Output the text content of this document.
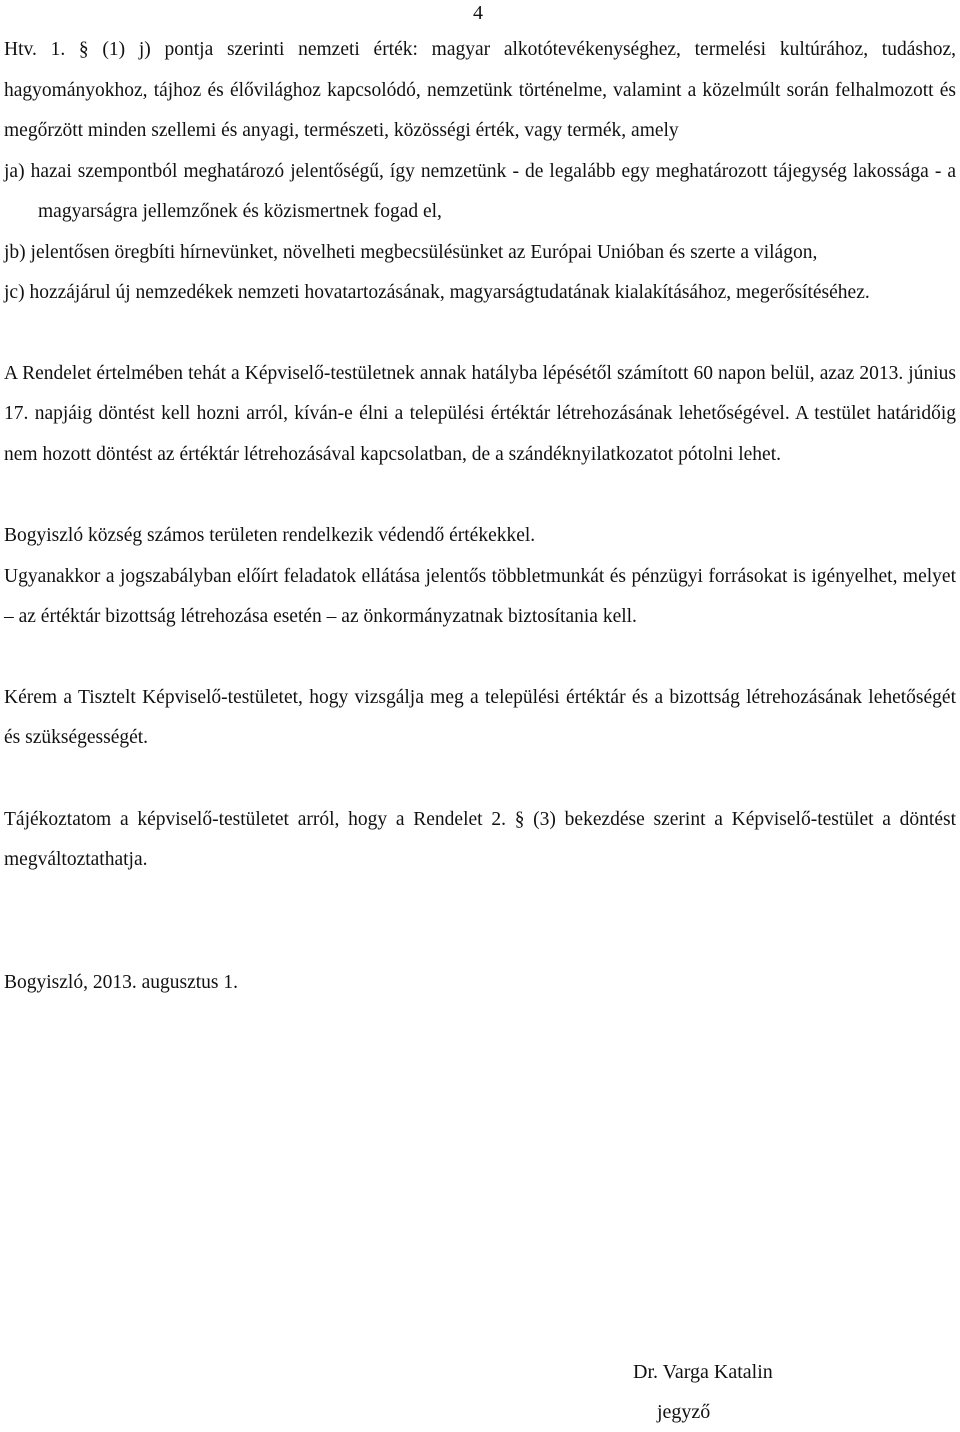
4

Htv. 1. § (1) j) pontja szerinti nemzeti érték: magyar alkotótevékenységhez, termelési kultúrához, tudáshoz, hagyományokhoz, tájhoz és élővilághoz kapcsolódó, nemzetünk történelme, valamint a közelmúlt során felhalmozott és megőrzött minden szellemi és anyagi, természeti, közösségi érték, vagy termék, amely

ja) hazai szempontból meghatározó jelentőségű, így nemzetünk - de legalább egy meghatározott tájegység lakossága - a magyarságra jellemzőnek és közismertnek fogad el,

jb) jelentősen öregbíti hírnevünket, növelheti megbecsülésünket az Európai Unióban és szerte a világon,

jc) hozzájárul új nemzedékek nemzeti hovatartozásának, magyarságtudatának kialakításához, megerősítéséhez.

A Rendelet értelmében tehát a Képviselő-testületnek annak hatályba lépésétől számított 60 napon belül, azaz 2013. június 17. napjáig döntést kell hozni arról, kíván-e élni a települési értéktár létrehozásának lehetőségével. A testület határidőig nem hozott döntést az értéktár létrehozásával kapcsolatban, de a szándéknyilatkozatot pótolni lehet.

Bogyiszló község számos területen rendelkezik védendő értékekkel.

Ugyanakkor a jogszabályban előírt feladatok ellátása jelentős többletmunkát és pénzügyi forrásokat is igényelhet, melyet – az értéktár bizottság létrehozása esetén – az önkormányzatnak biztosítania kell.

Kérem a Tisztelt Képviselő-testületet, hogy vizsgálja meg a települési értéktár és a bizottság létrehozásának lehetőségét és szükségességét.

Tájékoztatom a képviselő-testületet arról, hogy a Rendelet 2. § (3) bekezdése szerint a Képviselő-testület a döntést megváltoztathatja.

Bogyiszló, 2013. augusztus 1.

Dr. Varga Katalin

jegyző
